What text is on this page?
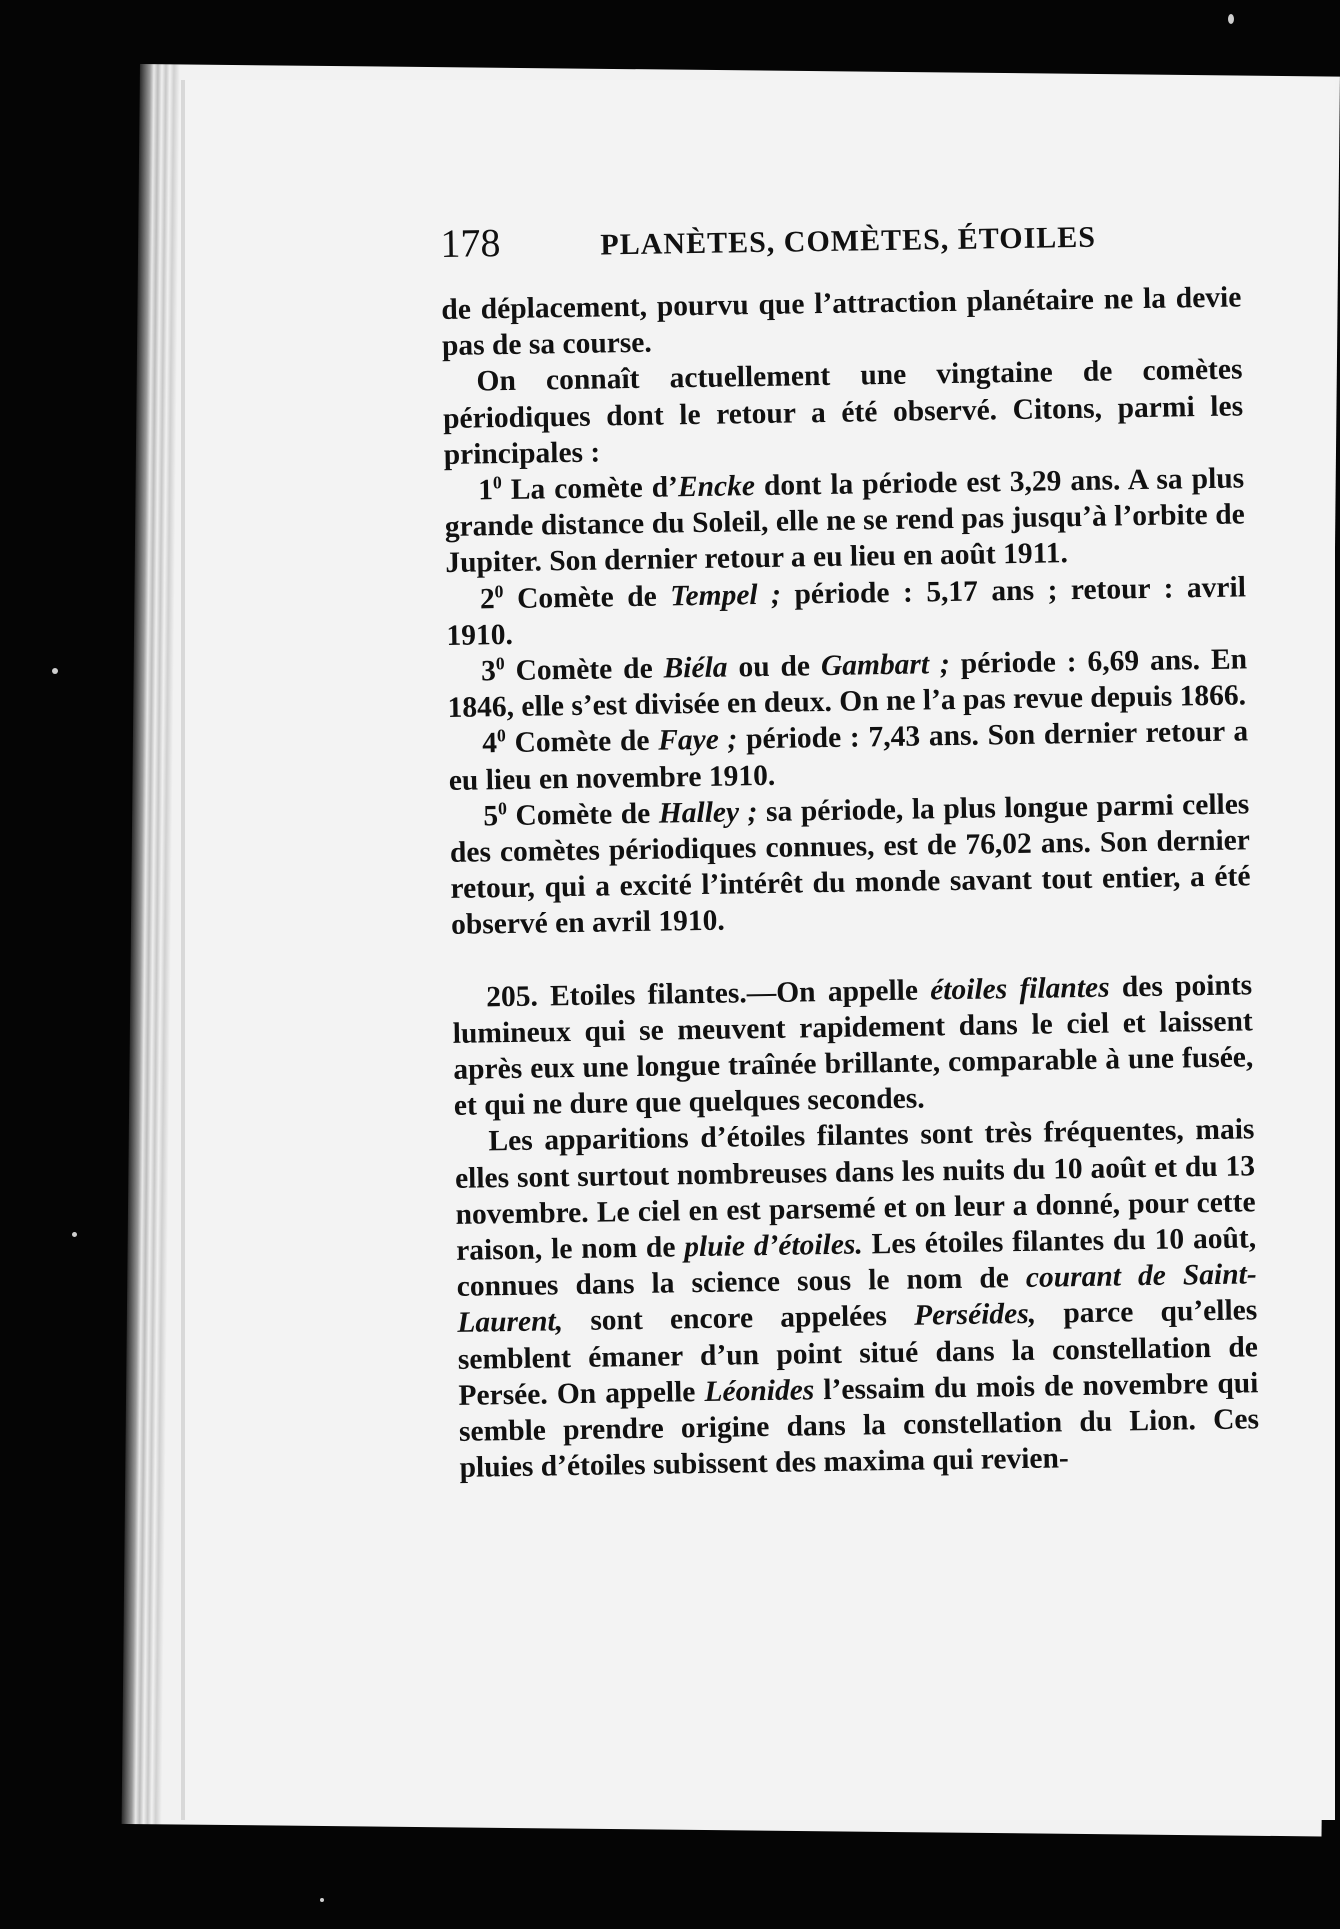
178	PLANÈTES, COMÈTES, ÉTOILES

de déplacement, pourvu que l’attraction planétaire ne la devie pas de sa course.

On connaît actuellement une vingtaine de comètes périodiques dont le retour a été observé. Citons, parmi les principales :

$1^0$ La comète d’Encke dont la période est 3,29 ans. A sa plus grande distance du Soleil, elle ne se rend pas jusqu’à l’orbite de Jupiter. Son dernier retour a eu lieu en août 1911.

$2^0$ Comète de Tempel ; période : 5,17 ans ; retour : avril 1910.

$3^0$ Comète de Biéla ou de Gambart ; période : 6,69 ans. En 1846, elle s’est divisée en deux. On ne l’a pas revue depuis 1866.

$4^0$ Comète de Faye ; période : 7,43 ans. Son dernier retour a eu lieu en novembre 1910.

$5^0$ Comète de Halley ; sa période, la plus longue parmi celles des comètes périodiques connues, est de 76,02 ans. Son dernier retour, qui a excité l’intérêt du monde savant tout entier, a été observé en avril 1910.

205. Etoiles filantes.—On appelle étoiles filantes des points lumineux qui se meuvent rapidement dans le ciel et laissent après eux une longue traînée brillante, comparable à une fusée, et qui ne dure que quelques secondes.

Les apparitions d’étoiles filantes sont très fréquentes, mais elles sont surtout nombreuses dans les nuits du 10 août et du 13 novembre. Le ciel en est parsemé et on leur a donné, pour cette raison, le nom de pluie d’étoiles. Les étoiles filantes du 10 août, connues dans la science sous le nom de courant de Saint-Laurent, sont encore appelées Perséides, parce qu’elles semblent émaner d’un point situé dans la constellation de Persée. On appelle Léonides l’essaim du mois de novembre qui semble prendre origine dans la constellation du Lion. Ces pluies d’étoiles subissent des maxima qui revien-
